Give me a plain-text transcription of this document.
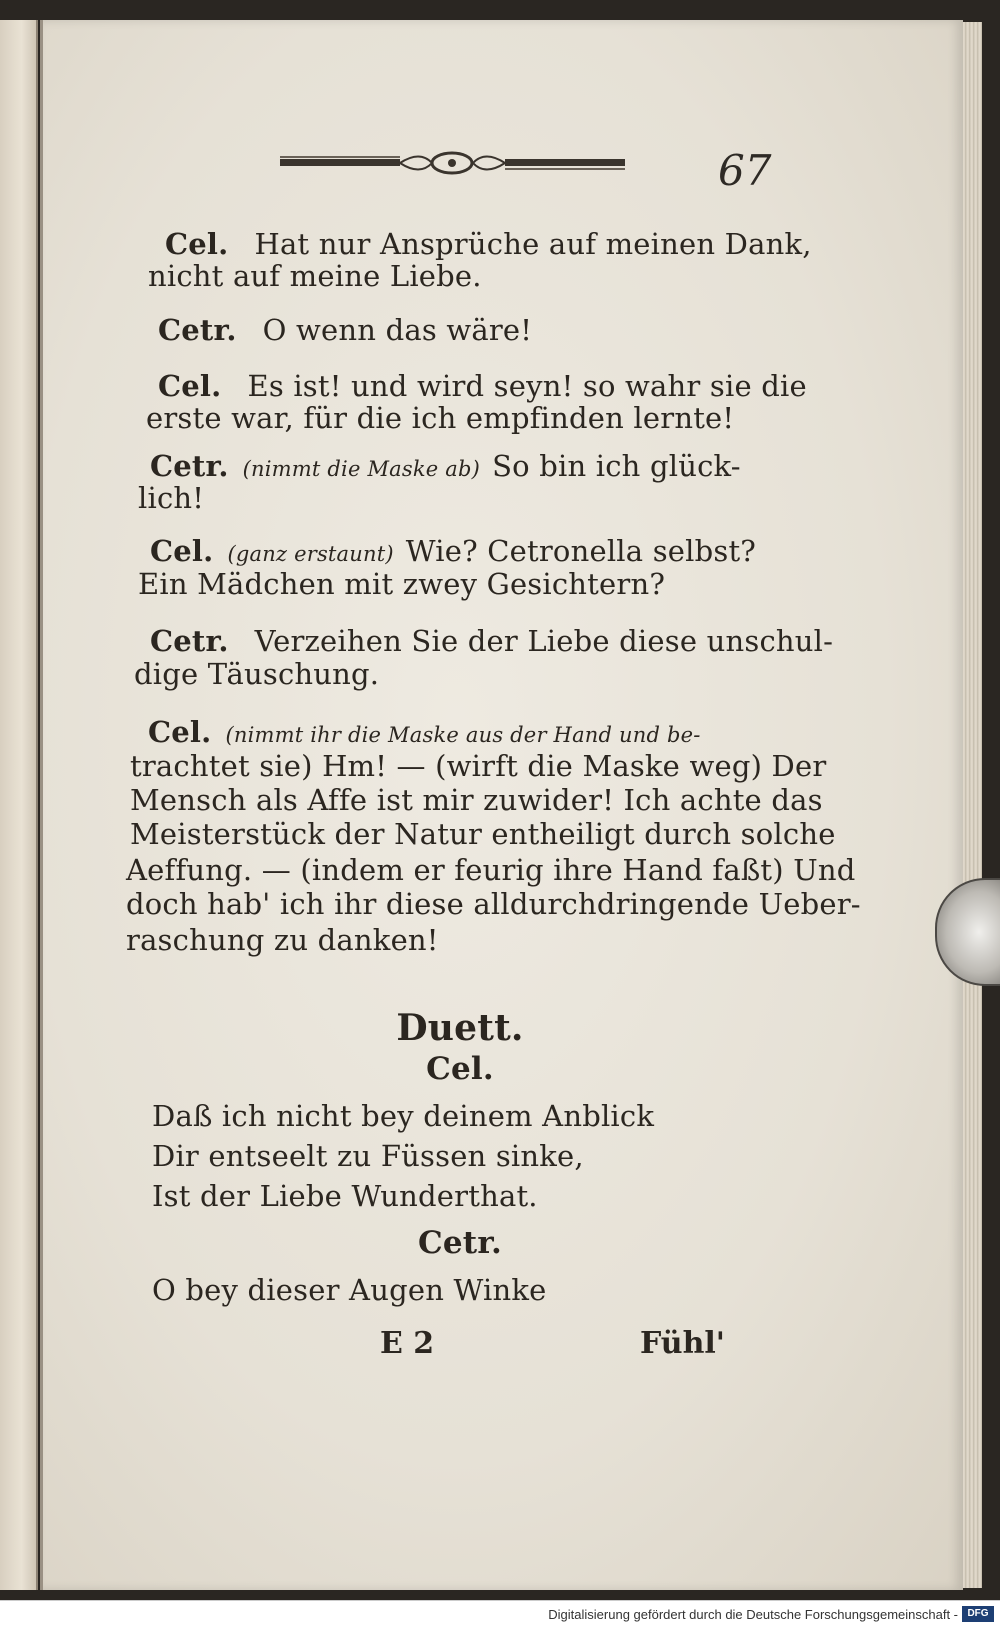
67
Cel. Hat nur Ansprüche auf meinen Dank,
nicht auf meine Liebe.
Cetr. O wenn das wäre!
Cel. Es ist! und wird seyn! so wahr sie die
erste war, für die ich empfinden lernte!
Cetr. (nimmt die Maske ab) So bin ich glück-
lich!
Cel. (ganz erstaunt) Wie? Cetronella selbst?
Ein Mädchen mit zwey Gesichtern?
Cetr. Verzeihen Sie der Liebe diese unschul-
dige Täuschung.
Cel. (nimmt ihr die Maske aus der Hand und be-
trachtet sie) Hm! — (wirft die Maske weg) Der
Mensch als Affe ist mir zuwider! Ich achte das
Meisterstück der Natur entheiligt durch solche
Aeffung. — (indem er feurig ihre Hand faßt) Und
doch hab' ich ihr diese alldurchdringende Ueber-
raschung zu danken!
Duett.
Cel.
Daß ich nicht bey deinem Anblick
Dir entseelt zu Füssen sinke,
Ist der Liebe Wunderthat.
Cetr.
O bey dieser Augen Winke
E 2	Fühl'
Digitalisierung gefördert durch die Deutsche Forschungsgemeinschaft - DFG
